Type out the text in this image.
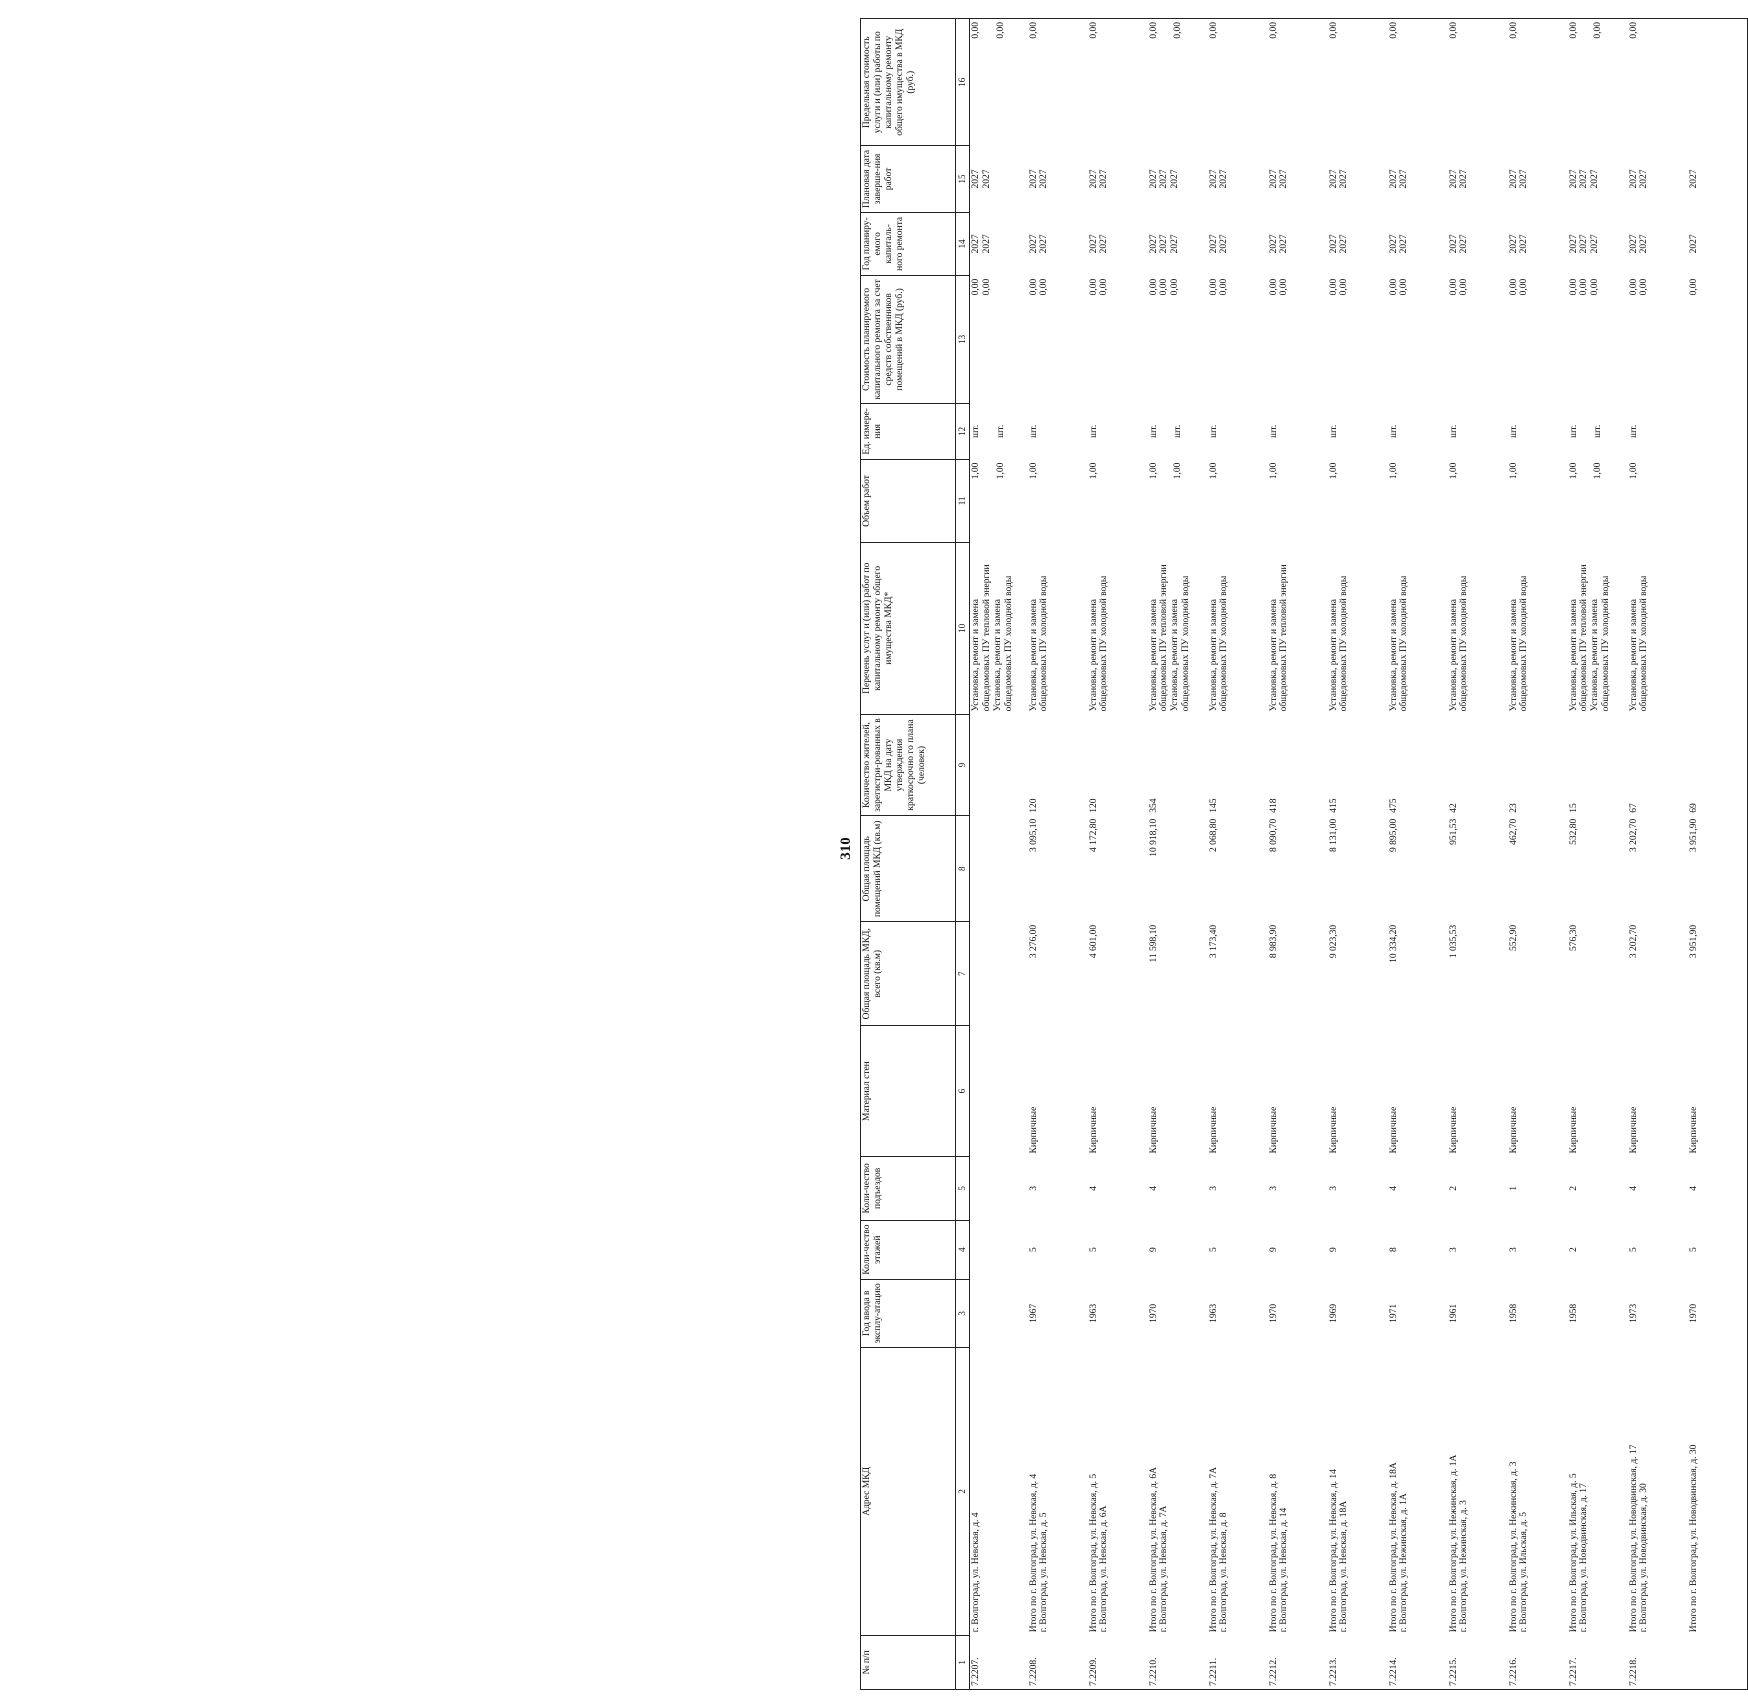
310
№ п/п	Адрес МКД	Год ввода в эксплу-атацию	Коли-чество этажей	Коли-чество подъездов	Материал стен	Общая площадь МКД, всего (кв.м)	Общая площадь помещений МКД (кв.м)	Количество жителей, зарегистри-рованных в МКД на дату утверждения краткосрочно го плана (человек)	Перечень услуг и (или) работ по капитальному ремонту общего имущества МКД*	Объем работ	Ед. измере-ния	Стоимость планируемого капитального ремонта за счет средств собственников помещений в МКД (руб.)	Год планиру-емого капиталь-ного ремонта	Плановая дата заверше-ния работ	Предельная стоимость услуги и (или) работы по капитальному ремонту общего имущества в МКД (руб.)
1	2	3	4	5	6	7	8	9	10	11	12	13	14	15	16
7.2207.	г. Волгоград, ул. Невская, д. 4								Установка, ремонт и замена общедомовых ПУ тепловой энергии Установка, ремонт и замена общедомовых ПУ холодной воды	1,00 1,00	шт. шт.	0,00 0,00	2027 2027	2027 2027	0,00 0,00

7.2208.	Итого по г. Волгоград, ул. Невская, д. 4 г. Волгоград, ул. Невская, д. 5	1967	5	3	Кирпичные	3 276,00	3 095,10	120	Установка, ремонт и замена общедомовых ПУ холодной воды	1,00	шт.	0,00 0,00	2027 2027	2027 2027	0,00

7.2209.	Итого по г. Волгоград, ул. Невская, д. 5 г. Волгоград, ул. Невская, д. 6А	1963	5	4	Кирпичные	4 601,00	4 172,80	120	Установка, ремонт и замена общедомовых ПУ холодной воды	1,00	шт.	0,00 0,00	2027 2027	2027 2027	0,00

7.2210.	Итого по г. Волгоград, ул. Невская, д. 6А г. Волгоград, ул. Невская, д. 7А	1970	9	4	Кирпичные	11 598,10	10 918,10	354	Установка, ремонт и замена общедомовых ПУ тепловой энергии Установка, ремонт и замена общедомовых ПУ холодной воды	1,00 1,00	шт. шт.	0,00 0,00 0,00	2027 2027 2027	2027 2027 2027	0,00 0,00

7.2211.	Итого по г. Волгоград, ул. Невская, д. 7А г. Волгоград, ул. Невская, д. 8	1963	5	3	Кирпичные	3 173,40	2 068,80	145	Установка, ремонт и замена общедомовых ПУ холодной воды	1,00	шт.	0,00 0,00	2027 2027	2027 2027	0,00

7.2212.	Итого по г. Волгоград, ул. Невская, д. 8 г. Волгоград, ул. Невская, д. 14	1970	9	3	Кирпичные	8 983,90	8 090,70	418	Установка, ремонт и замена общедомовых ПУ тепловой энергии	1,00	шт.	0,00 0,00	2027 2027	2027 2027	0,00

7.2213.	Итого по г. Волгоград, ул. Невская, д. 14 г. Волгоград, ул. Невская, д. 18А	1969	9	3	Кирпичные	9 023,30	8 131,00	415	Установка, ремонт и замена общедомовых ПУ холодной воды	1,00	шт.	0,00 0,00	2027 2027	2027 2027	0,00

7.2214.	Итого по г. Волгоград, ул. Невская, д. 18А г. Волгоград, ул. Нежинская, д. 1А	1971	8	4	Кирпичные	10 334,20	9 895,00	475	Установка, ремонт и замена общедомовых ПУ холодной воды	1,00	шт.	0,00 0,00	2027 2027	2027 2027	0,00

7.2215.	Итого по г. Волгоград, ул. Нежинская, д. 1А г. Волгоград, ул. Нежинская, д. 3	1961	3	2	Кирпичные	1 035,53	951,53	42	Установка, ремонт и замена общедомовых ПУ холодной воды	1,00	шт.	0,00 0,00	2027 2027	2027 2027	0,00

7.2216.	Итого по г. Волгоград, ул. Нежинская, д. 3 г. Волгоград, ул. Ильская, д. 5	1958	3	1	Кирпичные	552,90	462,70	23	Установка, ремонт и замена общедомовых ПУ холодной воды	1,00	шт.	0,00 0,00	2027 2027	2027 2027	0,00

7.2217.	Итого по г. Волгоград, ул. Ильская, д. 5 г. Волгоград, ул. Новодвинская, д. 17	1958	2	2	Кирпичные	576,30	532,80	15	Установка, ремонт и замена общедомовых ПУ тепловой энергии Установка, ремонт и замена общедомовых ПУ холодной воды	1,00 1,00	шт. шт.	0,00 0,00 0,00	2027 2027 2027	2027 2027 2027	0,00 0,00

7.2218.	Итого по г. Волгоград, ул. Новодвинская, д. 17 г. Волгоград, ул. Новодвинская, д. 30	1973	5	4	Кирпичные	3 202,70	3 202,70	67	Установка, ремонт и замена общедомовых ПУ холодной воды	1,00	шт.	0,00 0,00	2027 2027	2027 2027	0,00

	Итого по г. Волгоград, ул. Новодвинская, д. 30	1970	5	4	Кирпичные	3 951,90	3 951,90	69				0,00	2027	2027	
